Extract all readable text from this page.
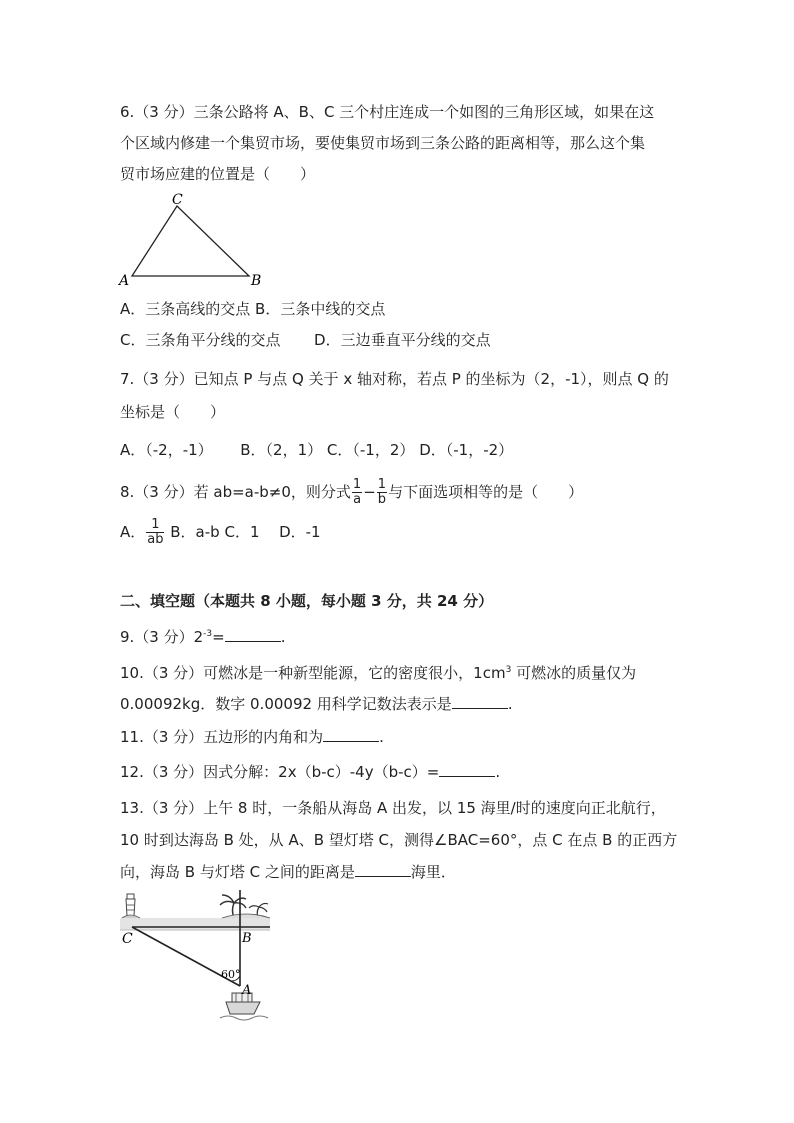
6.（3 分）三条公路将 A、B、C 三个村庄连成一个如图的三角形区域，如果在这
个区域内修建一个集贸市场，要使集贸市场到三条公路的距离相等，那么这个集
贸市场应建的位置是（　　）
C
A	B
A．三条高线的交点 B．三条中线的交点
C．三条角平分线的交点 D．三边垂直平分线的交点
7.（3 分）已知点 P 与点 Q 关于 x 轴对称，若点 P 的坐标为（2，-1），则点 Q 的
坐标是（　　）
A．（-2，-1） B．（2，1） C．（-1，2） D．（-1，-2）
8.（3 分）若 ab=a-b≠0，则分式 $\frac{1}{a} - \frac{1}{b}$ 与下面选项相等的是（　　）
A． $\frac{1}{ab}$ B．a-b C．1 D．-1
二、填空题（本题共 8 小题，每小题 3 分，共 24 分）
9.（3 分）$2^{-3}=$	.
10.（3 分）可燃冰是一种新型能源，它的密度很小，$1cm^3$ 可燃冰的质量仅为
0.00092kg．数字 0.00092 用科学记数法表示是	.
11.（3 分）五边形的内角和为	.
12.（3 分）因式分解：2x（b-c）-4y（b-c）=	.
13.（3 分）上午 8 时，一条船从海岛 A 出发，以 15 海里/时的速度向正北航行，
10 时到达海岛 B 处，从 A、B 望灯塔 C，测得∠BAC=60°，点 C 在点 B 的正西方
向，海岛 B 与灯塔 C 之间的距离是	海里．
C	B
A
60°
